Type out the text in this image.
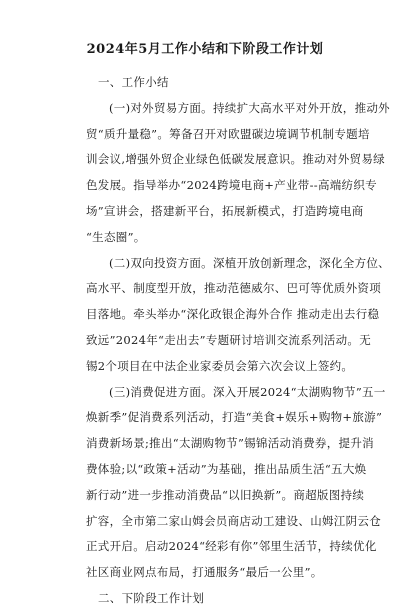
2024年5月工作小结和下阶段工作计划
一、工作小结
(一)对外贸易方面。持续扩大高水平对外开放，推动外
贸“质升量稳”。筹备召开对欧盟碳边境调节机制专题培
训会议,增强外贸企业绿色低碳发展意识。推动对外贸易绿
色发展。指导举办“2024跨境电商+产业带--高端纺织专
场”宣讲会，搭建新平台，拓展新模式，打造跨境电商
“生态圈”。
(二)双向投资方面。深植开放创新理念，深化全方位、
高水平、制度型开放，推动范德威尔、巴可等优质外资项
目落地。牵头举办“深化政银企海外合作 推动走出去行稳
致远”2024年“走出去”专题研讨培训交流系列活动。无
锡2个项目在中法企业家委员会第六次会议上签约。
(三)消费促进方面。深入开展2024“太湖购物节”五一
焕新季”促消费系列活动，打造“美食+娱乐+购物+旅游”
消费新场景;推出“太湖购物节”锡锦活动消费券，提升消
费体验;以“政策+活动”为基础，推出品质生活“五大焕
新行动”进一步推动消费品“以旧换新”。商超版图持续
扩容，全市第二家山姆会员商店动工建设、山姆江阴云仓
正式开启。启动2024“经彩有你”邻里生活节，持续优化
社区商业网点布局，打通服务“最后一公里”。
二、下阶段工作计划
